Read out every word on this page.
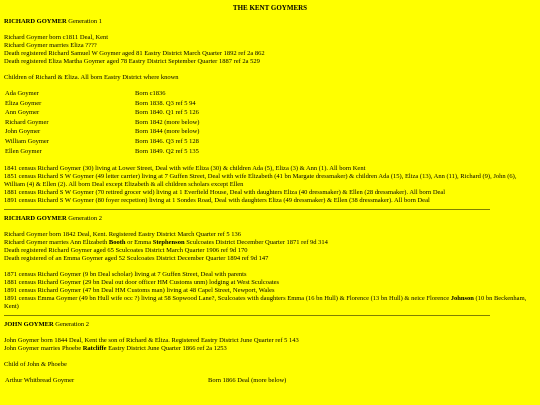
THE KENT GOYMERS

RICHARD GOYMER Generation 1

Richard Goymer born c1811 Deal, Kent

Richard Goymer marries Eliza ????

Death registered Richard Samuel W Goymer aged 81 Eastry District March Quarter 1892 ref 2a 862

Death registered Eliza Martha Goymer aged 78 Eastry District September Quarter 1887 ref 2a 529

Children of Richard & Eliza. All born Eastry District where known

Ada Goymer	Born c1836
Eliza Goymer	Born 1838. Q3 ref 5 94
Ann Goymer	Born 1840. Q1 ref 5 126
Richard Goymer	Born 1842 (more below)
John Goymer	Born 1844 (more below)
William Goymer	Born 1846. Q3 ref 5 128
Ellen Goymer	Born 1849. Q2 ref 5 135

1841 census Richard Goymer (30) living at Lower Street, Deal with wife Eliza (30) & children Ada (5), Eliza (3) & Ann (1). All born Kent

1851 census Richard S W Goymer (49 letter carrier) living at 7 Guffen Street, Deal with wife Elizabeth (41 bn Margate dressmaker) & children Ada (15), Eliza (13), Ann (11), Richard (9), John (6), William (4) & Ellen (2). All born Deal except Elizabeth & all children scholars except Ellen

1881 census Richard S W Goymer (70 retired grocer wid) living at 1 Everfield House, Deal with daughters Eliza (40 dressmaker) & Ellen (28 dressmaker). All born Deal

1891 census Richard S W Goymer (80 foyer recpetion) living at 1 Sondes Road, Deal with daughters Eliza (49 dressmaker) & Ellen (38 dressmaker). All born Deal

RICHARD GOYMER Generation 2

Richard Goymer born 1842 Deal, Kent. Registered Eastry District March Quarter ref 5 136

Richard Goymer marries Ann Elizabeth Booth or Emma Stephenson Sculcoates District December Quarter 1871 ref 9d 314

Death registered Richard Goymer aged 65 Sculcoates District March Quarter 1906 ref 9d 170

Death registered of an Emma Goymer aged 52 Sculcoates District December Quarter 1894 ref 9d 147

1871 census Richard Goymer (9 bn Deal scholar) living at 7 Guffen Street, Deal with parents

1881 census Richard Goymer (29 bn Deal out door officer HM Customs unm) lodging at West Sculcoates

1891 census Richard Goymer (47 bn Deal HM Customs man) living at 48 Capel Street, Newport, Wales

1891 census Emma Goymer (49 bn Hull wife occ ?) living at 58 Sopwood Lane?, Sculcoates with daughters Emma (16 bn Hull) & Florence (13 bn Hull) & neice Florence Johnson (10 bn Beckenham, Kent)

JOHN GOYMER Generation 2

John Goymer born 1844 Deal, Kent the son of Richard & Eliza. Registered Eastry District June Quarter ref 5 143

John Goymer marries Phoebe Ratcliffe Eastry District June Quarter 1866 ref 2a 1253

Child of John & Phoebe

Arthur Whitbread Goymer	Born 1866 Deal (more below)
